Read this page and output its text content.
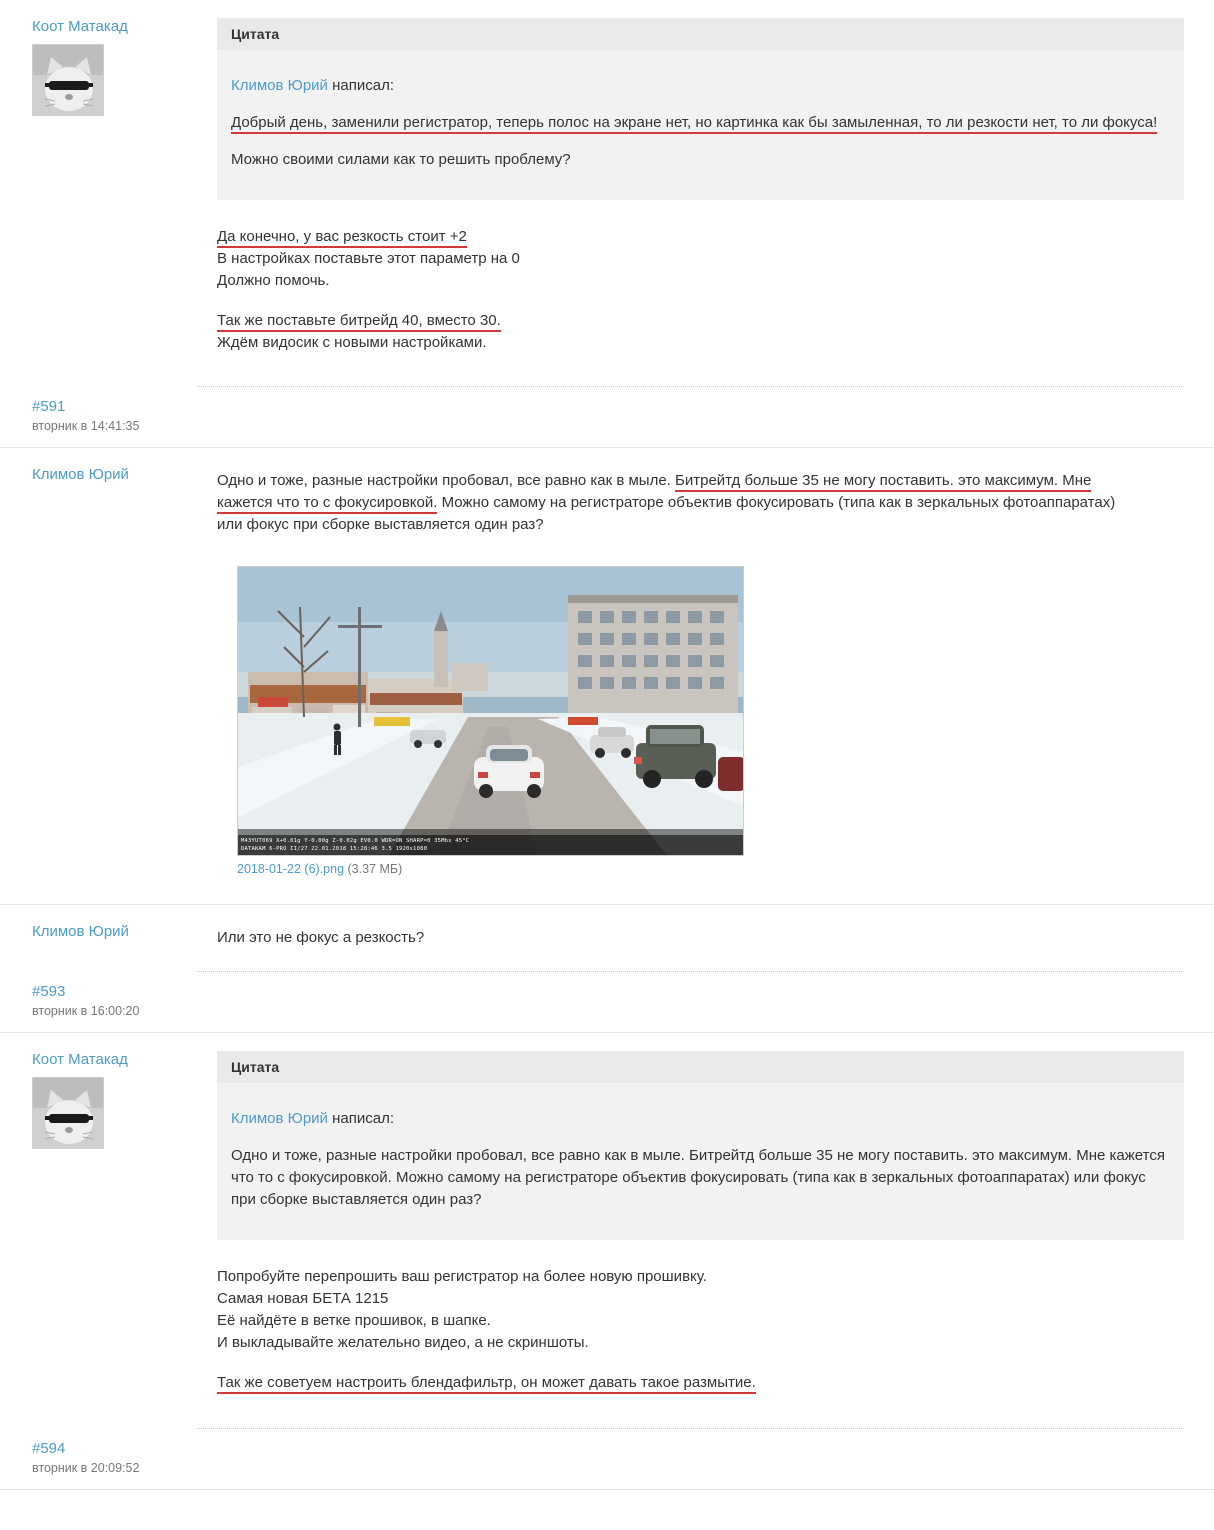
Коот Матакад	Цитата

Климов Юрий написал:

Добрый день, заменили регистратор, теперь полос на экране нет, но картинка как бы замыленная, то ли резкости нет, то ли фокуса!

Можно своими силами как то решить проблему?

Да конечно, у вас резкость стоит +2

В настройках поставьте этот параметр на 0

Должно помочь.

Так же поставьте битрейд 40, вместо 30.

Ждём видосик с новыми настройками.

#591
вторник в 14:41:35
Климов Юрий	Одно и тоже, разные настройки пробовал, все равно как в мыле. Битрейтд больше 35 не могу поставить. это максимум. Мне
кажется что то с фокусировкой. Можно самому на регистраторе объектив фокусировать (типа как в зеркальных фотоаппаратах)
или фокус при сборке выставляется один раз?

M43YUT069 X+0.01g Y-0.00g Z-0.02g EV0.0 WDR=ON SHARP=0 35Mbs 45°C
DATAKAM 6-PRO II/27 22.01.2018 15:28:46 3.5 1920x1080
2018-01-22 (6).png (3.37 МБ)
Климов Юрий	Или это не фокус а резкость?

#593
вторник в 16:00:20
Коот Матакад	Цитата

Климов Юрий написал:

Одно и тоже, разные настройки пробовал, все равно как в мыле. Битрейтд больше 35 не могу поставить. это максимум. Мне кажется что то с фокусировкой. Можно самому на регистраторе объектив фокусировать (типа как в зеркальных фотоаппаратах) или фокус при сборке выставляется один раз?

Попробуйте перепрошить ваш регистратор на более новую прошивку.

Самая новая БЕТА 1215

Её найдёте в ветке прошивок, в шапке.

И выкладывайте желательно видео, а не скриншоты.

Так же советуем настроить блендафильтр, он может давать такое размытие.

#594
вторник в 20:09:52
